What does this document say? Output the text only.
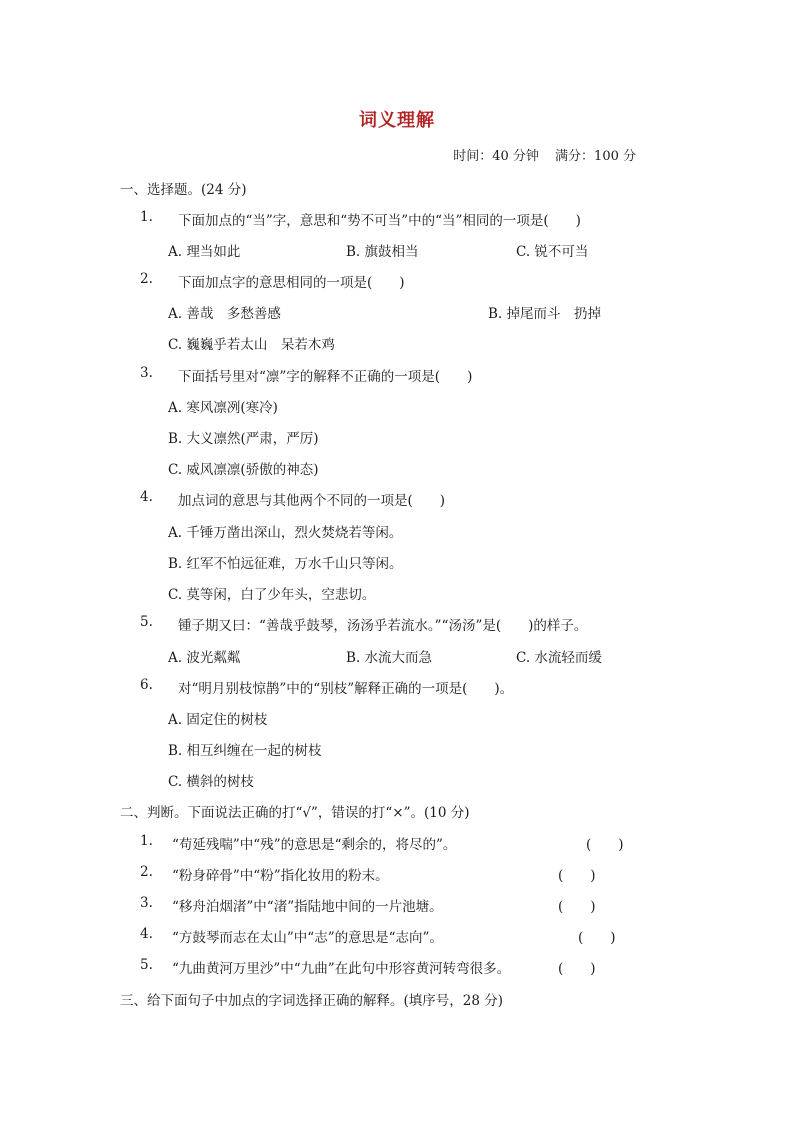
词义理解
时间：40 分钟 满分：100 分
一、选择题。(24 分)
1. 下面加点的“当”字，意思和“势不可当”中的“当”相同的一项是(　　)
A. 理当如此	B. 旗鼓相当	C. 锐不可当
2. 下面加点字的意思相同的一项是(　　)
A. 善哉　多愁善感	B. 掉尾而斗　扔掉
C. 巍巍乎若太山　呆若木鸡
3. 下面括号里对“凛”字的解释不正确的一项是(　　)
A. 寒风凛冽(寒冷)
B. 大义凛然(严肃，严厉)
C. 威风凛凛(骄傲的神态)
4. 加点词的意思与其他两个不同的一项是(　　)
A. 千锤万凿出深山，烈火焚烧若等闲。
B. 红军不怕远征难，万水千山只等闲。
C. 莫等闲，白了少年头，空悲切。
5. 锺子期又曰：“善哉乎鼓琴，汤汤乎若流水。”“汤汤”是(　　)的样子。
A. 波光粼粼	B. 水流大而急	C. 水流轻而缓
6. 对“明月别枝惊鹊”中的“别枝”解释正确的一项是(　　)。
A. 固定住的树枝
B. 相互纠缠在一起的树枝
C. 横斜的树枝
二、判断。下面说法正确的打“√”，错误的打“×”。(10 分)
1. “苟延残喘”中“残”的意思是“剩余的，将尽的”。	(　　)
2. “粉身碎骨”中“粉”指化妆用的粉末。	(　　)
3. “移舟泊烟渚”中“渚”指陆地中间的一片池塘。	(　　)
4. “方鼓琴而志在太山”中“志”的意思是“志向”。	(　　)
5. “九曲黄河万里沙”中“九曲”在此句中形容黄河转弯很多。	(　　)
三、给下面句子中加点的字词选择正确的解释。(填序号，28 分)
